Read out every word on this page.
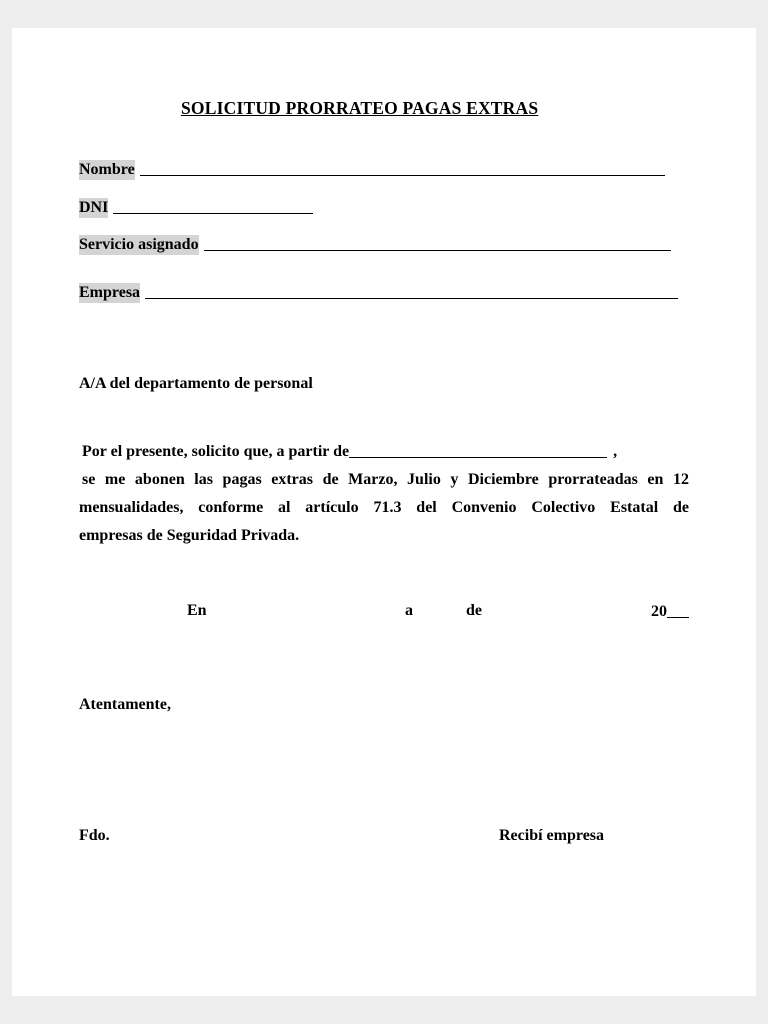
SOLICITUD PRORRATEO PAGAS EXTRAS
Nombre
DNI
Servicio asignado
Empresa
A/A del departamento de personal
Por el presente, solicito que, a partir de	,
se me abonen las pagas extras de Marzo, Julio y Diciembre prorrateadas en 12
mensualidades, conforme al artículo 71.3 del Convenio Colectivo Estatal de
empresas de Seguridad Privada.
En	a	de	20
Atentamente,
Fdo.	Recibí empresa
